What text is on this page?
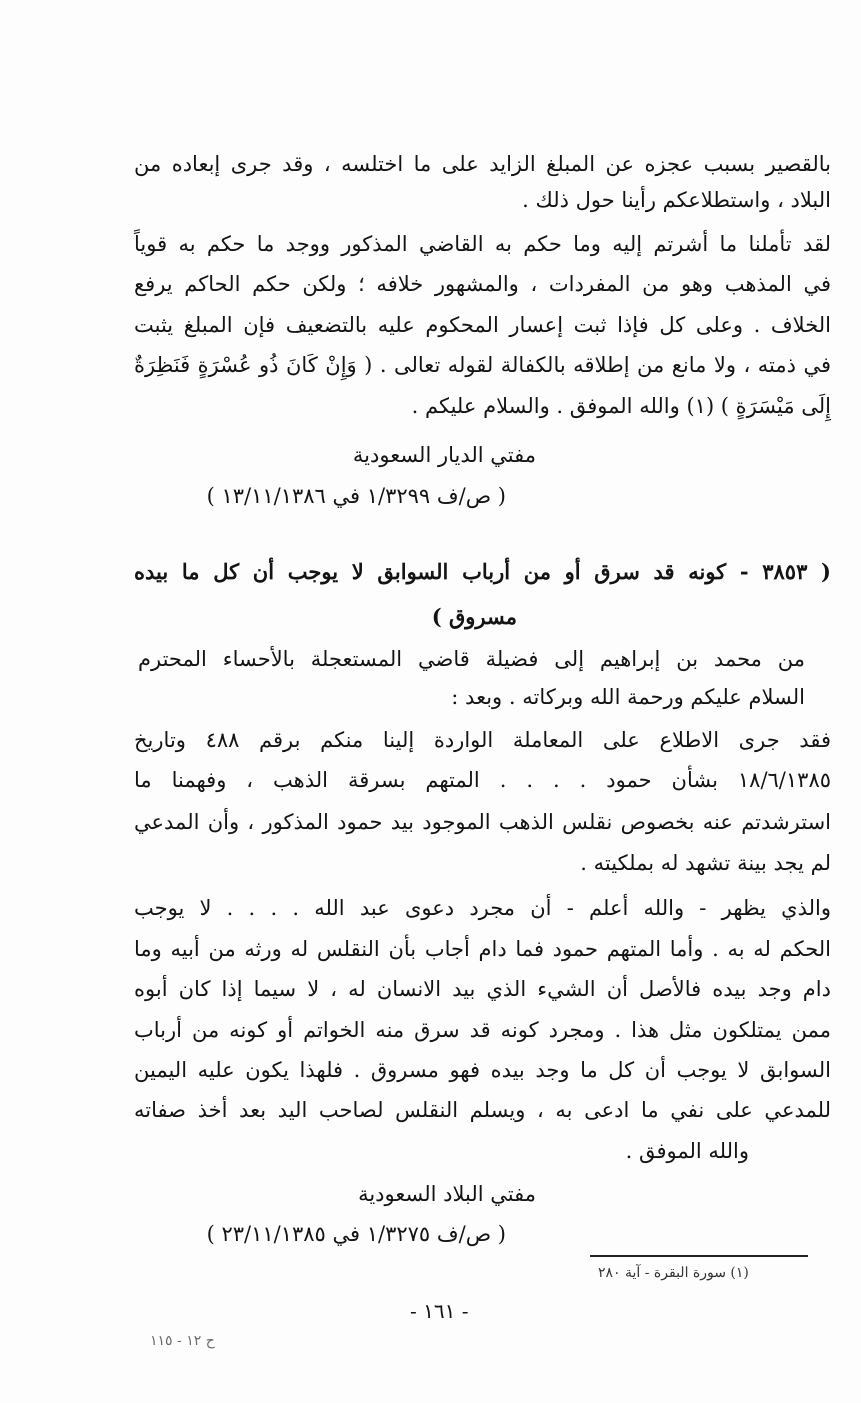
بالقصير بسبب عجزه عن المبلغ الزايد على ما اختلسه ، وقد جرى إبعاده من
البلاد ، واستطلاعكم رأينا حول ذلك .
لقد تأملنا ما أشرتم إليه وما حكم به القاضي المذكور ووجد ما حكم به قوياً
في المذهب وهو من المفردات ، والمشهور خلافه ؛ ولكن حكم الحاكم يرفع
الخلاف . وعلى كل فإذا ثبت إعسار المحكوم عليه بالتضعيف فإن المبلغ يثبت
في ذمته ، ولا مانع من إطلاقه بالكفالة لقوله تعالى . ( وَإِنْ كَانَ ذُو عُسْرَةٍ فَنَظِرَةٌ
إِلَى مَيْسَرَةٍ ) (١) والله الموفق . والسلام عليكم .
مفتي الديار السعودية
( ص/ف ١/٣٢٩٩ في ١٣/١١/١٣٨٦ )
( ٣٨٥٣ - كونه قد سرق أو من أرباب السوابق لا يوجب أن كل ما بيده
مسروق )
من محمد بن إبراهيم إلى فضيلة قاضي المستعجلة بالأحساء المحترم
السلام عليكم ورحمة الله وبركاته . وبعد :
فقد جرى الاطلاع على المعاملة الواردة إلينا منكم برقم ٤٨٨ وتاريخ
١٨/٦/١٣٨٥ بشأن حمود . . . . المتهم بسرقة الذهب ، وفهمنا ما
استرشدتم عنه بخصوص نقلس الذهب الموجود بيد حمود المذكور ، وأن المدعي
لم يجد بينة تشهد له بملكيته .
والذي يظهر - والله أعلم - أن مجرد دعوى عبد الله . . . . لا يوجب
الحكم له به . وأما المتهم حمود فما دام أجاب بأن النقلس له ورثه من أبيه وما
دام وجد بيده فالأصل أن الشيء الذي بيد الانسان له ، لا سيما إذا كان أبوه
ممن يمتلكون مثل هذا . ومجرد كونه قد سرق منه الخواتم أو كونه من أرباب
السوابق لا يوجب أن كل ما وجد بيده فهو مسروق . فلهذا يكون عليه اليمين
للمدعي على نفي ما ادعى به ، ويسلم النقلس لصاحب اليد بعد أخذ صفاته
والله الموفق .
مفتي البلاد السعودية
( ص/ف ١/٣٢٧٥ في ٢٣/١١/١٣٨٥ )
(١) سورة البقرة - آية ٢٨٠
- ١٦١ -
ح ١٢ - ١١٥
